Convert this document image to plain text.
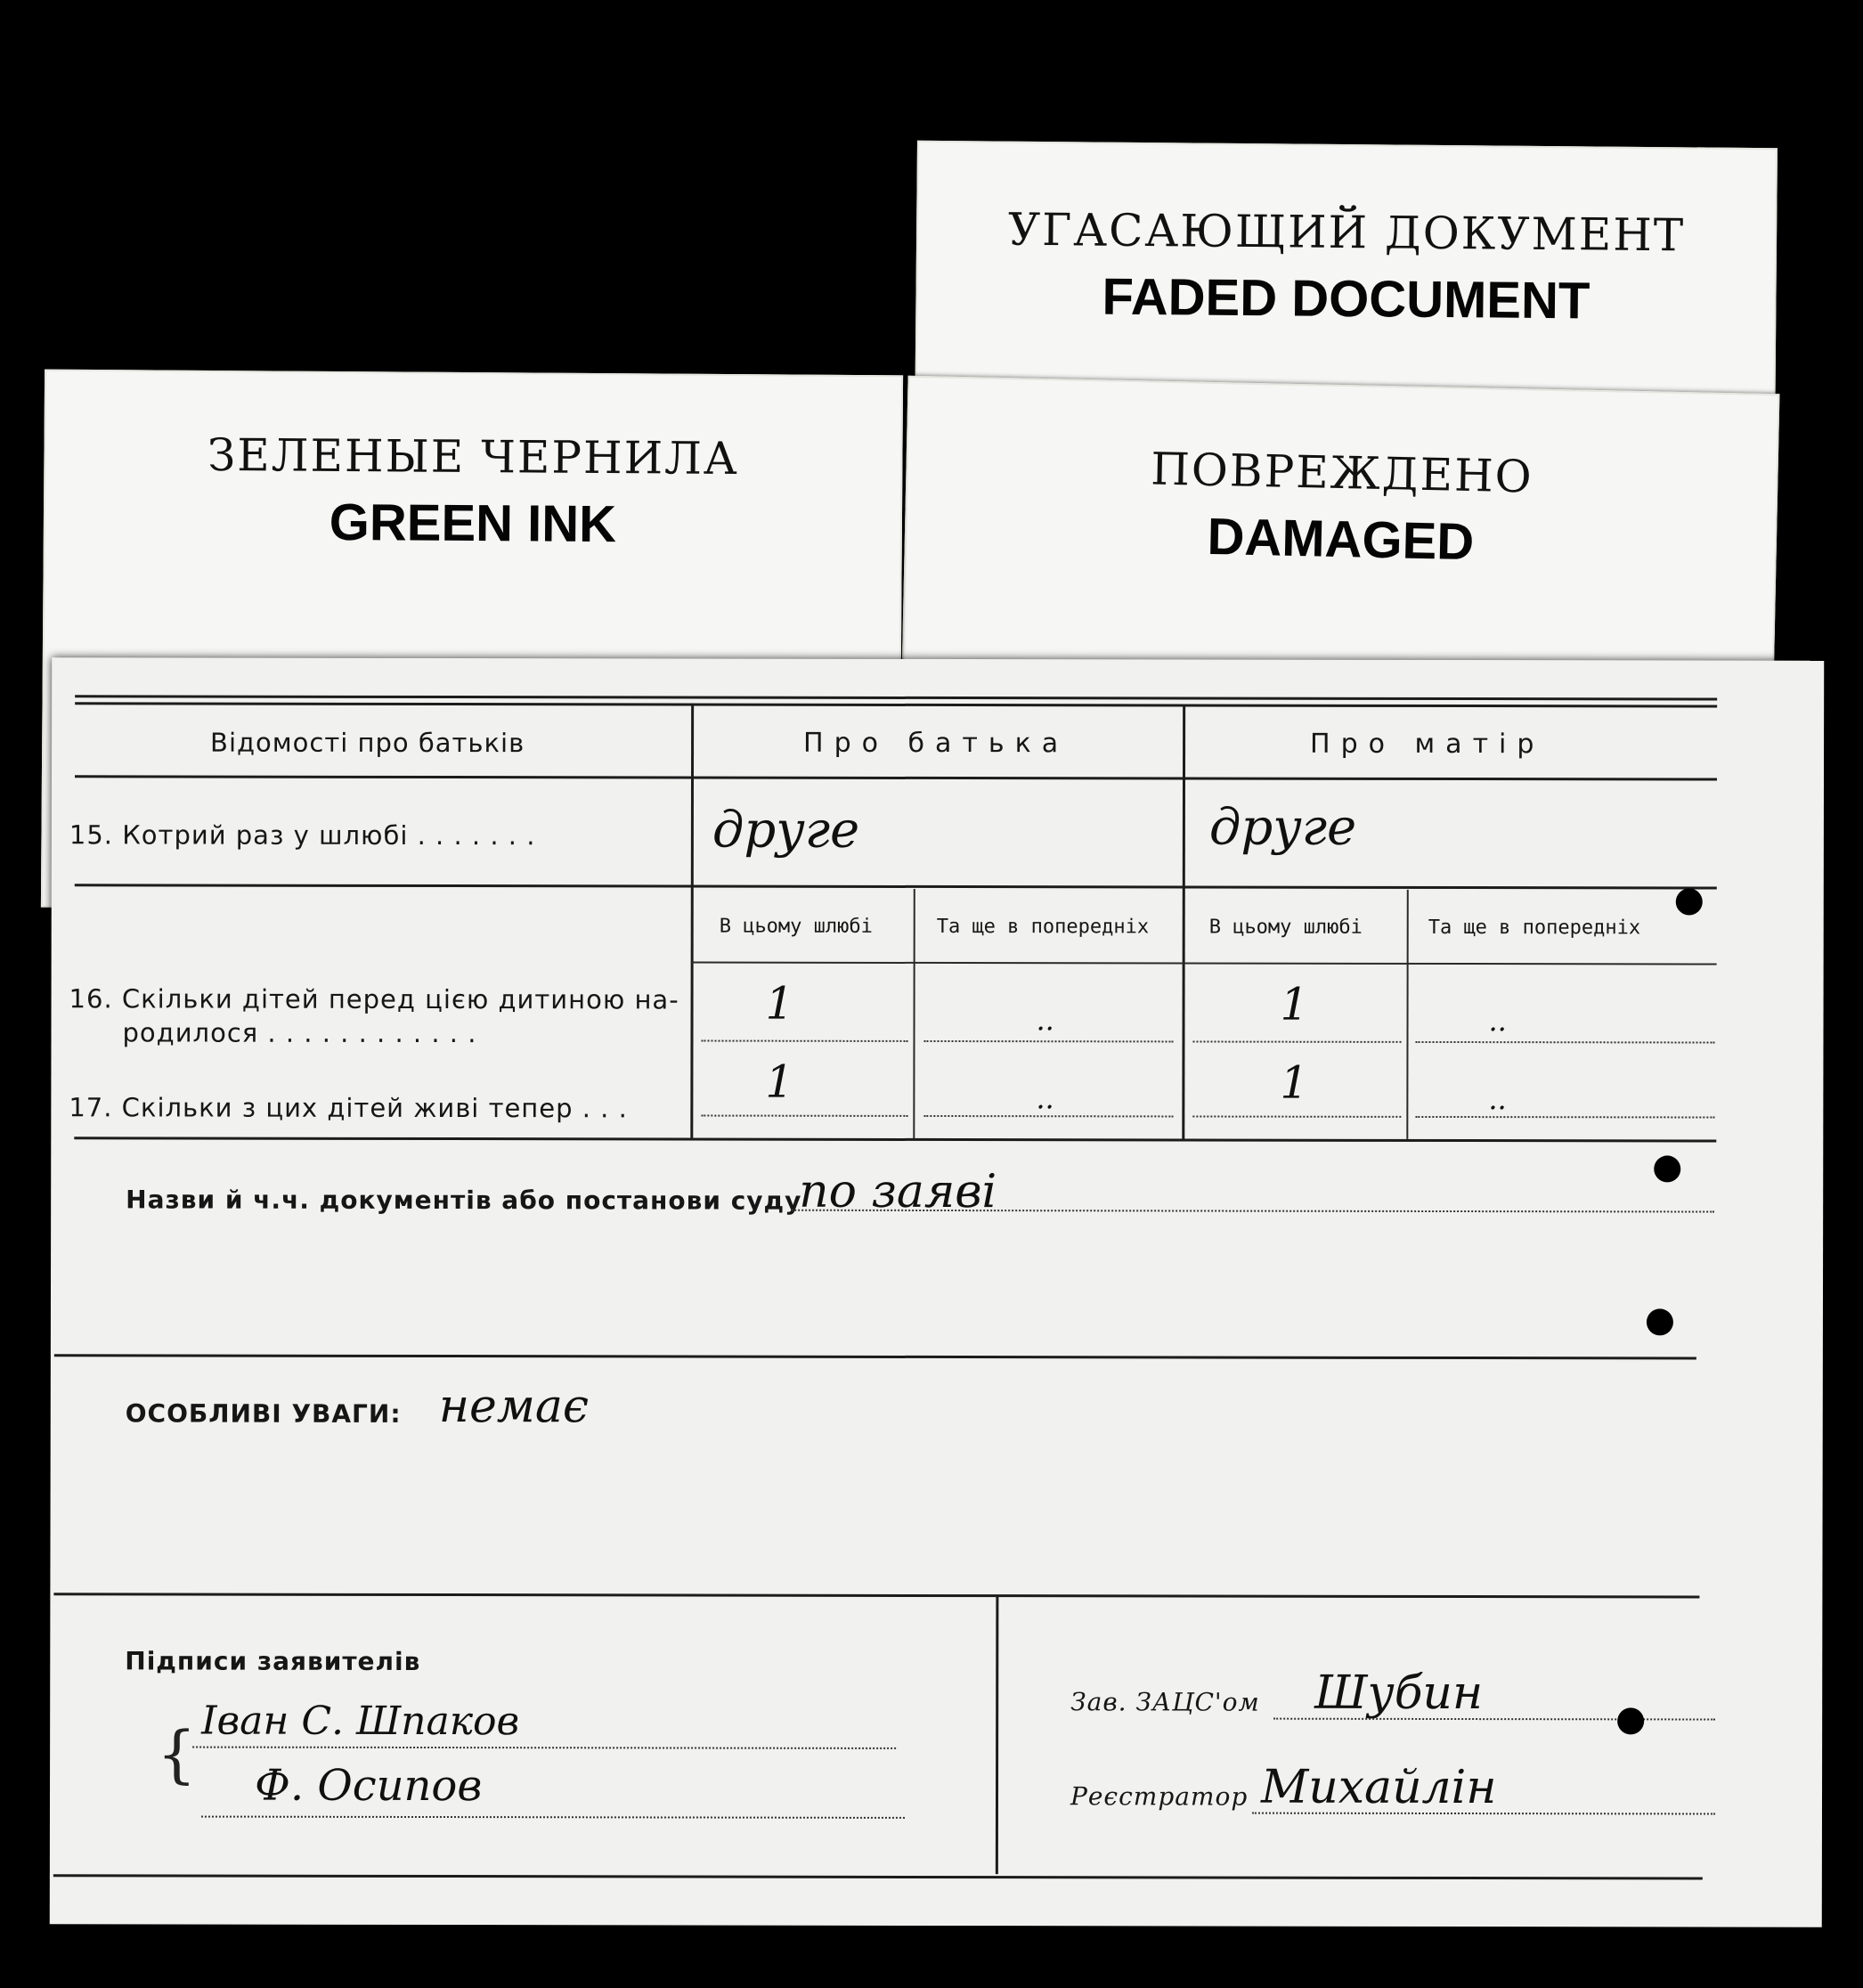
УГАСАЮЩИЙ ДОКУМЕНТ
FADED DOCUMENT
ПОВРЕЖДЕНО
DAMAGED
ЗЕЛЕНЫЕ ЧЕРНИЛА
GREEN INK
Відомості про батьків	Про батька	Про матір
15. Котрий раз у шлюбі . . . . . . .	друге	друге
В цьому шлюбі	Та ще в попередніх	В цьому шлюбі	Та ще в попередніх
16. Скільки дітей перед цією дитиною на-
родилося . . . . . . . . . . . .
1	..	1	..
17. Скільки з цих дітей живі тепер . . .
1	..	1	..
Назви й ч.ч. документів або постанови суду
по заяві
ОСОБЛИВІ УВАГИ: немає
Підписи заявителів
{ Іван С. Шпаков
Ф. Осипов
Зав. ЗАЦС'ом Шубин
Реєстратор Михайлін
